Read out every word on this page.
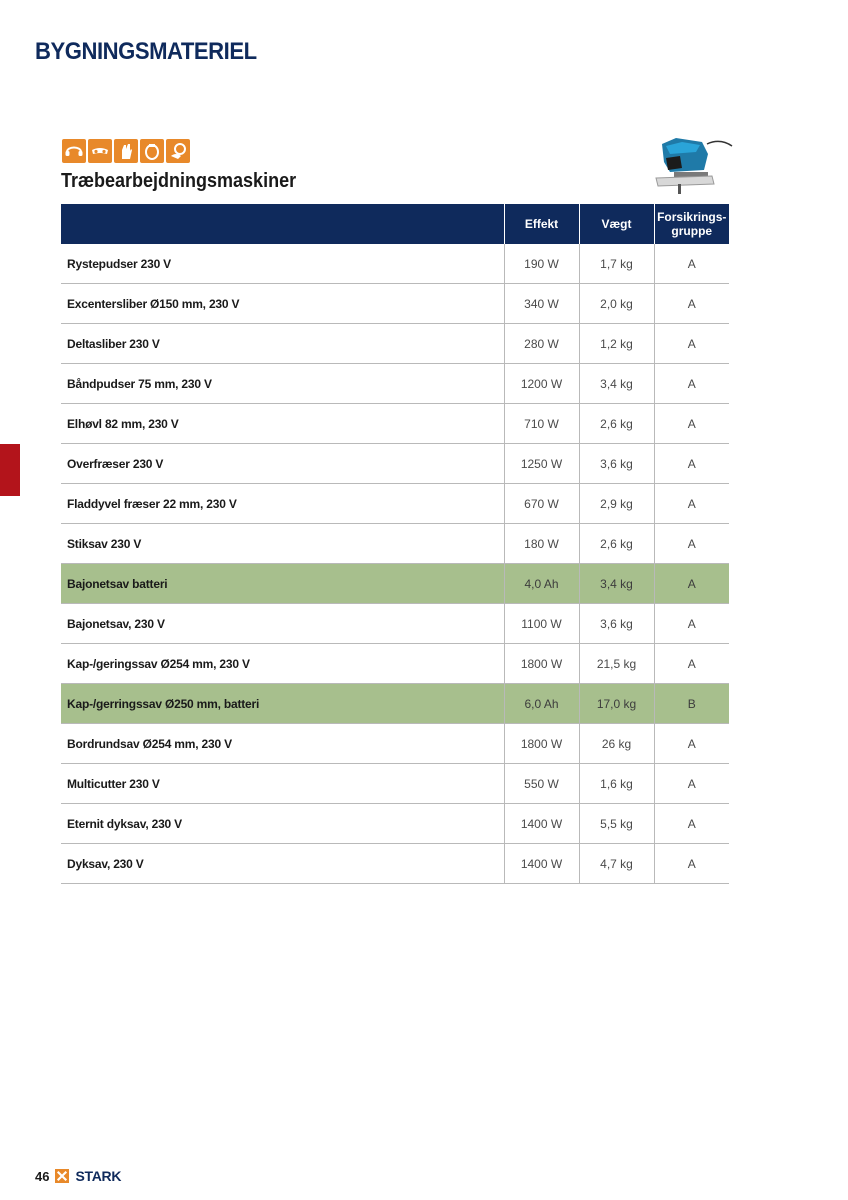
BYGNINGSMATERIEL
Træbearbejdningsmaskiner
	Effekt	Vægt	Forsikrings-
gruppe
Rystepudser 230 V	190 W	1,7 kg	A
Excentersliber Ø150 mm, 230 V	340 W	2,0 kg	A
Deltasliber 230 V	280 W	1,2 kg	A
Båndpudser 75 mm, 230 V	1200 W	3,4 kg	A
Elhøvl 82 mm, 230 V	710 W	2,6 kg	A
Overfræser 230 V	1250 W	3,6 kg	A
Fladdyvel fræser 22 mm, 230 V	670 W	2,9 kg	A
Stiksav 230 V	180 W	2,6 kg	A
Bajonetsav batteri	4,0 Ah	3,4 kg	A
Bajonetsav, 230 V	1100 W	3,6 kg	A
Kap-/geringssav Ø254 mm, 230 V	1800 W	21,5 kg	A
Kap-/gerringssav Ø250 mm, batteri	6,0 Ah	17,0 kg	B
Bordrundsav Ø254 mm, 230 V	1800 W	26 kg	A
Multicutter 230 V	550 W	1,6 kg	A
Eternit dyksav, 230 V	1400 W	5,5 kg	A
Dyksav, 230 V	1400 W	4,7 kg	A
46 STARK
